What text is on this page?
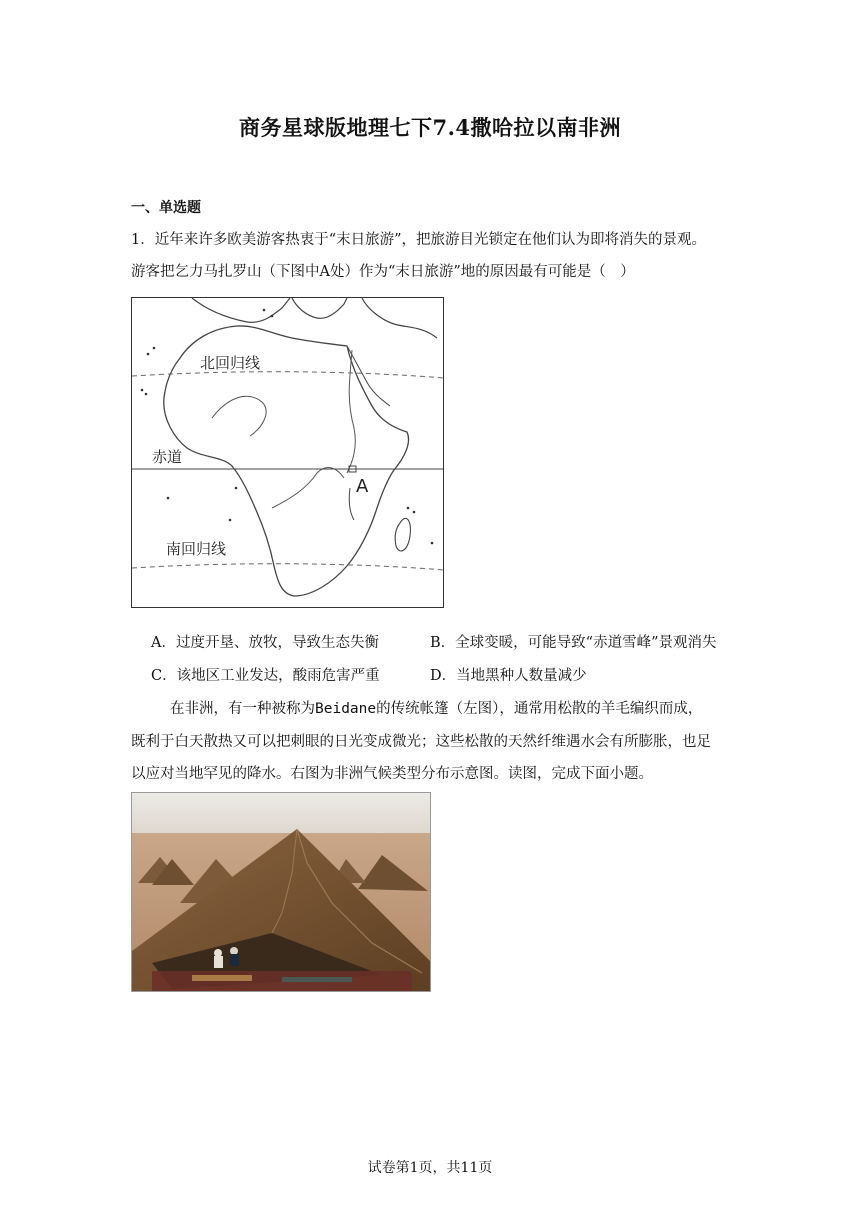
商务星球版地理七下7.4撒哈拉以南非洲
一、单选题
1．近年来许多欧美游客热衷于“末日旅游”，把旅游目光锁定在他们认为即将消失的景观。
游客把乞力马扎罗山（下图中A处）作为“末日旅游”地的原因最有可能是（　）
北回归线
赤道
南回归线
A
A．过度开垦、放牧，导致生态失衡	B．全球变暖，可能导致“赤道雪峰”景观消失
C．该地区工业发达，酸雨危害严重	D．当地黑种人数量减少
在非洲，有一种被称为Beidane的传统帐篷（左图），通常用松散的羊毛编织而成，
既利于白天散热又可以把刺眼的日光变成微光；这些松散的天然纤维遇水会有所膨胀，也足
以应对当地罕见的降水。右图为非洲气候类型分布示意图。读图，完成下面小题。
试卷第1页，共11页
